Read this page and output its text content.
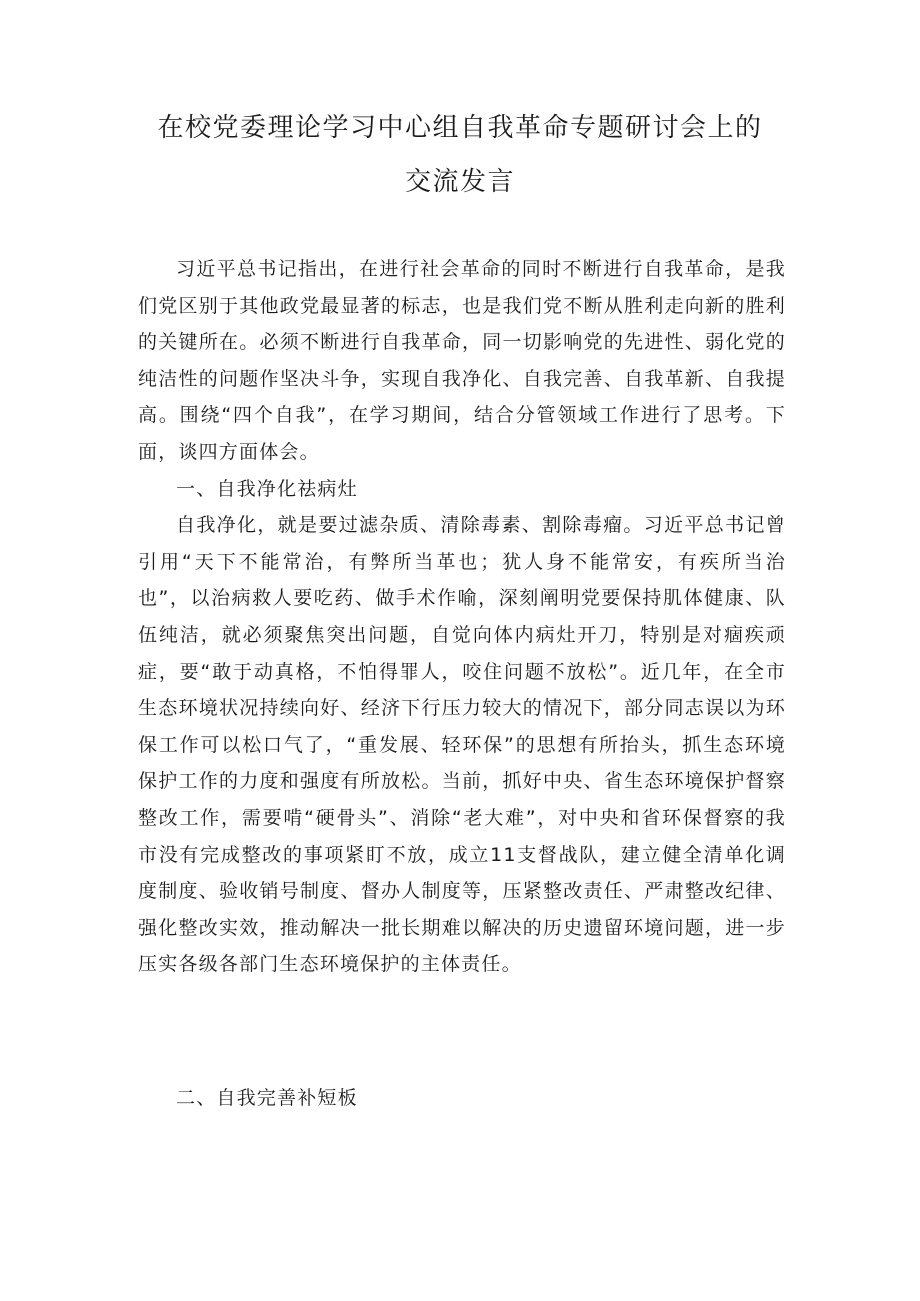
在校党委理论学习中心组自我革命专题研讨会上的
交流发言

习近平总书记指出，在进行社会革命的同时不断进行自我革命，是我们党区别于其他政党最显著的标志，也是我们党不断从胜利走向新的胜利的关键所在。必须不断进行自我革命，同一切影响党的先进性、弱化党的纯洁性的问题作坚决斗争，实现自我净化、自我完善、自我革新、自我提高。围绕“四个自我”，在学习期间，结合分管领域工作进行了思考。下面，谈四方面体会。

一、自我净化祛病灶

自我净化，就是要过滤杂质、清除毒素、割除毒瘤。习近平总书记曾引用“天下不能常治，有弊所当革也；犹人身不能常安，有疾所当治也”，以治病救人要吃药、做手术作喻，深刻阐明党要保持肌体健康、队伍纯洁，就必须聚焦突出问题，自觉向体内病灶开刀，特别是对痼疾顽症，要“敢于动真格，不怕得罪人，咬住问题不放松”。近几年，在全市生态环境状况持续向好、经济下行压力较大的情况下，部分同志误以为环保工作可以松口气了，“重发展、轻环保”的思想有所抬头，抓生态环境保护工作的力度和强度有所放松。当前，抓好中央、省生态环境保护督察整改工作，需要啃“硬骨头”、消除“老大难”，对中央和省环保督察的我市没有完成整改的事项紧盯不放，成立11支督战队，建立健全清单化调度制度、验收销号制度、督办人制度等，压紧整改责任、严肃整改纪律、强化整改实效，推动解决一批长期难以解决的历史遗留环境问题，进一步压实各级各部门生态环境保护的主体责任。

二、自我完善补短板
